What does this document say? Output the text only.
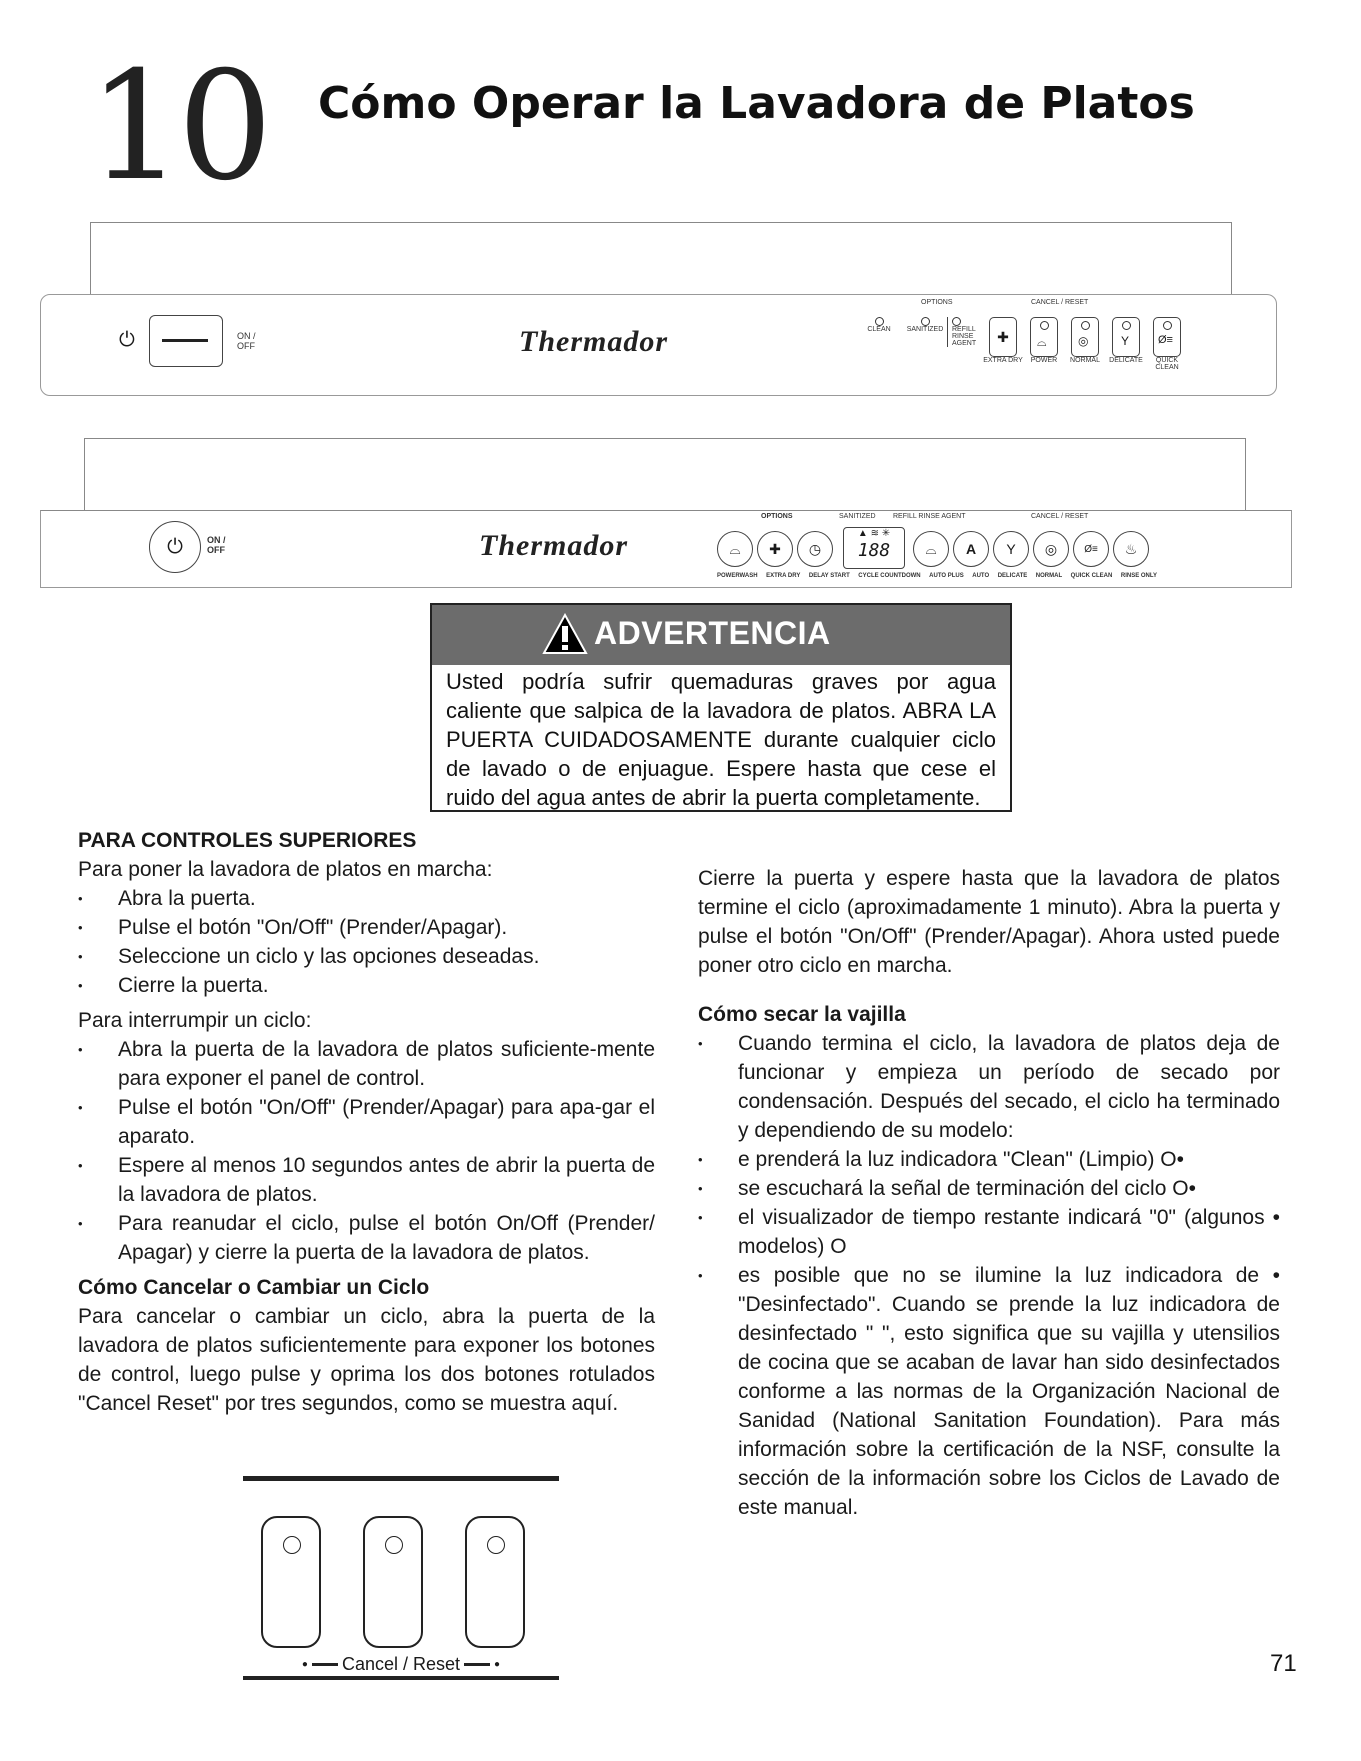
10 Cómo Operar la Lavadora de Platos
⏻	ON /
OFF	Thermador
OPTIONS	CANCEL / RESET
CLEAN	SANITIZED	REFILL RINSE AGENT ✚
EXTRA DRY
⌓
POWER
◎
NORMAL
Y
DELICATE
Ø≡
QUICK CLEAN
⏻	ON /
OFF	Thermador
OPTIONS	SANITIZED REFILL RINSE AGENT	CANCEL / RESET
⌓ ✚ ◷
▲ ≋ ✳
188	⌓ A Y ◎	Ø≡ ♨
POWERWASH EXTRA DRY DELAY START CYCLE COUNTDOWN AUTO PLUS AUTO DELICATE NORMAL QUICK CLEAN RINSE ONLY
ADVERTENCIA
Usted podría sufrir quemaduras graves por agua caliente que salpica de la lavadora de platos. ABRA LA PUERTA CUIDADOSAMENTE durante cualquier ciclo de lavado o de enjuague. Espere hasta que cese el ruido del agua antes de abrir la puerta completamente.
PARA CONTROLES SUPERIORES
Para poner la lavadora de platos en marcha:
• Abra la puerta.
• Pulse el botón "On/Off" (Prender/Apagar).
• Seleccione un ciclo y las opciones deseadas.
• Cierre la puerta.
Para interrumpir un ciclo:
• Abra la puerta de la lavadora de platos suficiente-mente para exponer el panel de control.
• Pulse el botón "On/Off" (Prender/Apagar) para apa-gar el aparato.
• Espere al menos 10 segundos antes de abrir la puerta de la lavadora de platos.
• Para reanudar el ciclo, pulse el botón On/Off (Prender/ Apagar) y cierre la puerta de la lavadora de platos.
Cómo Cancelar o Cambiar un Ciclo
Para cancelar o cambiar un ciclo, abra la puerta de la lavadora de platos suficientemente para exponer los botones de control, luego pulse y oprima los dos botones rotulados "Cancel Reset" por tres segundos, como se muestra aquí.
● Cancel / Reset	●
Cierre la puerta y espere hasta que la lavadora de platos termine el ciclo (aproximadamente 1 minuto). Abra la puerta y pulse el botón "On/Off" (Prender/Apagar). Ahora usted puede poner otro ciclo en marcha.
Cómo secar la vajilla
• Cuando termina el ciclo, la lavadora de platos deja de funcionar y empieza un período de secado por condensación. Después del secado, el ciclo ha terminado y dependiendo de su modelo:
• e prenderá la luz indicadora "Clean" (Limpio) O•
• se escuchará la señal de terminación del ciclo O•
• el visualizador de tiempo restante indicará "0" (algunos • modelos) O
• es posible que no se ilumine la luz indicadora de • "Desinfectado". Cuando se prende la luz indicadora de desinfectado " ", esto significa que su vajilla y utensilios de cocina que se acaban de lavar han sido desinfectados conforme a las normas de la Organización Nacional de Sanidad (National Sanitation Foundation). Para más información sobre la certificación de la NSF, consulte la sección de la información sobre los Ciclos de Lavado de este manual.
71
